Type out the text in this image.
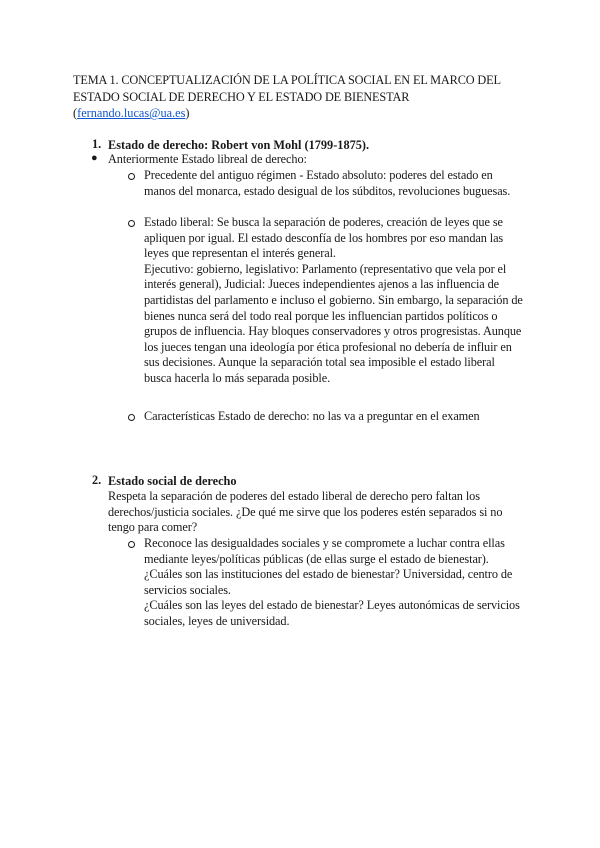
TEMA 1. CONCEPTUALIZACIÓN DE LA POLÍTICA SOCIAL EN EL MARCO DEL
ESTADO SOCIAL DE DERECHO Y EL ESTADO DE BIENESTAR
(fernando.lucas@ua.es)
1. Estado de derecho: Robert von Mohl (1799-1875).
● Anteriormente Estado libreal de derecho:

Precedente del antiguo régimen - Estado absoluto: poderes del estado en

manos del monarca, estado desigual de los súbditos, revoluciones buguesas.

Estado liberal: Se busca la separación de poderes, creación de leyes que se

apliquen por igual. El estado desconfía de los hombres por eso mandan las

leyes que representan el interés general.

Ejecutivo: gobierno, legislativo: Parlamento (representativo que vela por el

interés general), Judicial: Jueces independientes ajenos a las influencia de

partidistas del parlamento e incluso el gobierno. Sin embargo, la separación de

bienes nunca será del todo real porque les influencian partidos políticos o

grupos de influencia. Hay bloques conservadores y otros progresistas. Aunque

los jueces tengan una ideología por ética profesional no debería de influir en

sus decisiones. Aunque la separación total sea imposible el estado liberal

busca hacerla lo más separada posible.

Características Estado de derecho: no las va a preguntar en el examen
2. Estado social de derecho

Respeta la separación de poderes del estado liberal de derecho pero faltan los

derechos/justicia sociales. ¿De qué me sirve que los poderes estén separados si no

tengo para comer?

Reconoce las desigualdades sociales y se compromete a luchar contra ellas

mediante leyes/políticas públicas (de ellas surge el estado de bienestar).

¿Cuáles son las instituciones del estado de bienestar? Universidad, centro de

servicios sociales.

¿Cuáles son las leyes del estado de bienestar? Leyes autonómicas de servicios

sociales, leyes de universidad.
